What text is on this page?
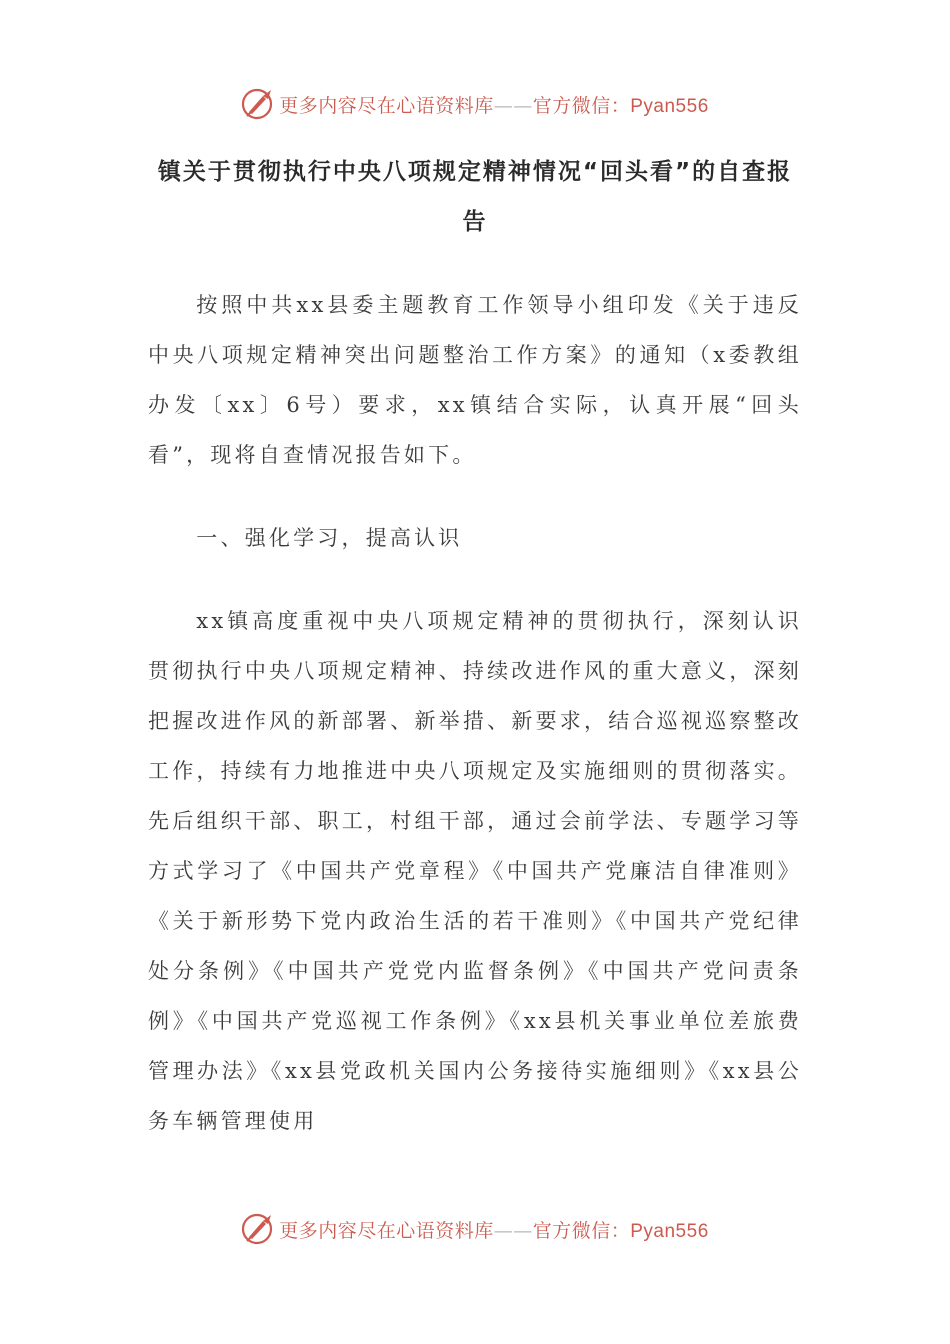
更多内容尽在心语资料库——官方微信：Pyan556
镇关于贯彻执行中央八项规定精神情况“回头看”的自查报告

按照中共xx县委主题教育工作领导小组印发《关于违反中央八项规定精神突出问题整治工作方案》的通知（x委教组办发〔xx〕6号）要求，xx镇结合实际，认真开展“回头看”，现将自查情况报告如下。

一、强化学习，提高认识

xx镇高度重视中央八项规定精神的贯彻执行，深刻认识贯彻执行中央八项规定精神、持续改进作风的重大意义，深刻把握改进作风的新部署、新举措、新要求，结合巡视巡察整改工作，持续有力地推进中央八项规定及实施细则的贯彻落实。先后组织干部、职工，村组干部，通过会前学法、专题学习等方式学习了《中国共产党章程》《中国共产党廉洁自律准则》《关于新形势下党内政治生活的若干准则》《中国共产党纪律处分条例》《中国共产党党内监督条例》《中国共产党问责条例》《中国共产党巡视工作条例》《xx县机关事业单位差旅费管理办法》《xx县党政机关国内公务接待实施细则》《xx县公务车辆管理使用

更多内容尽在心语资料库——官方微信：Pyan556
